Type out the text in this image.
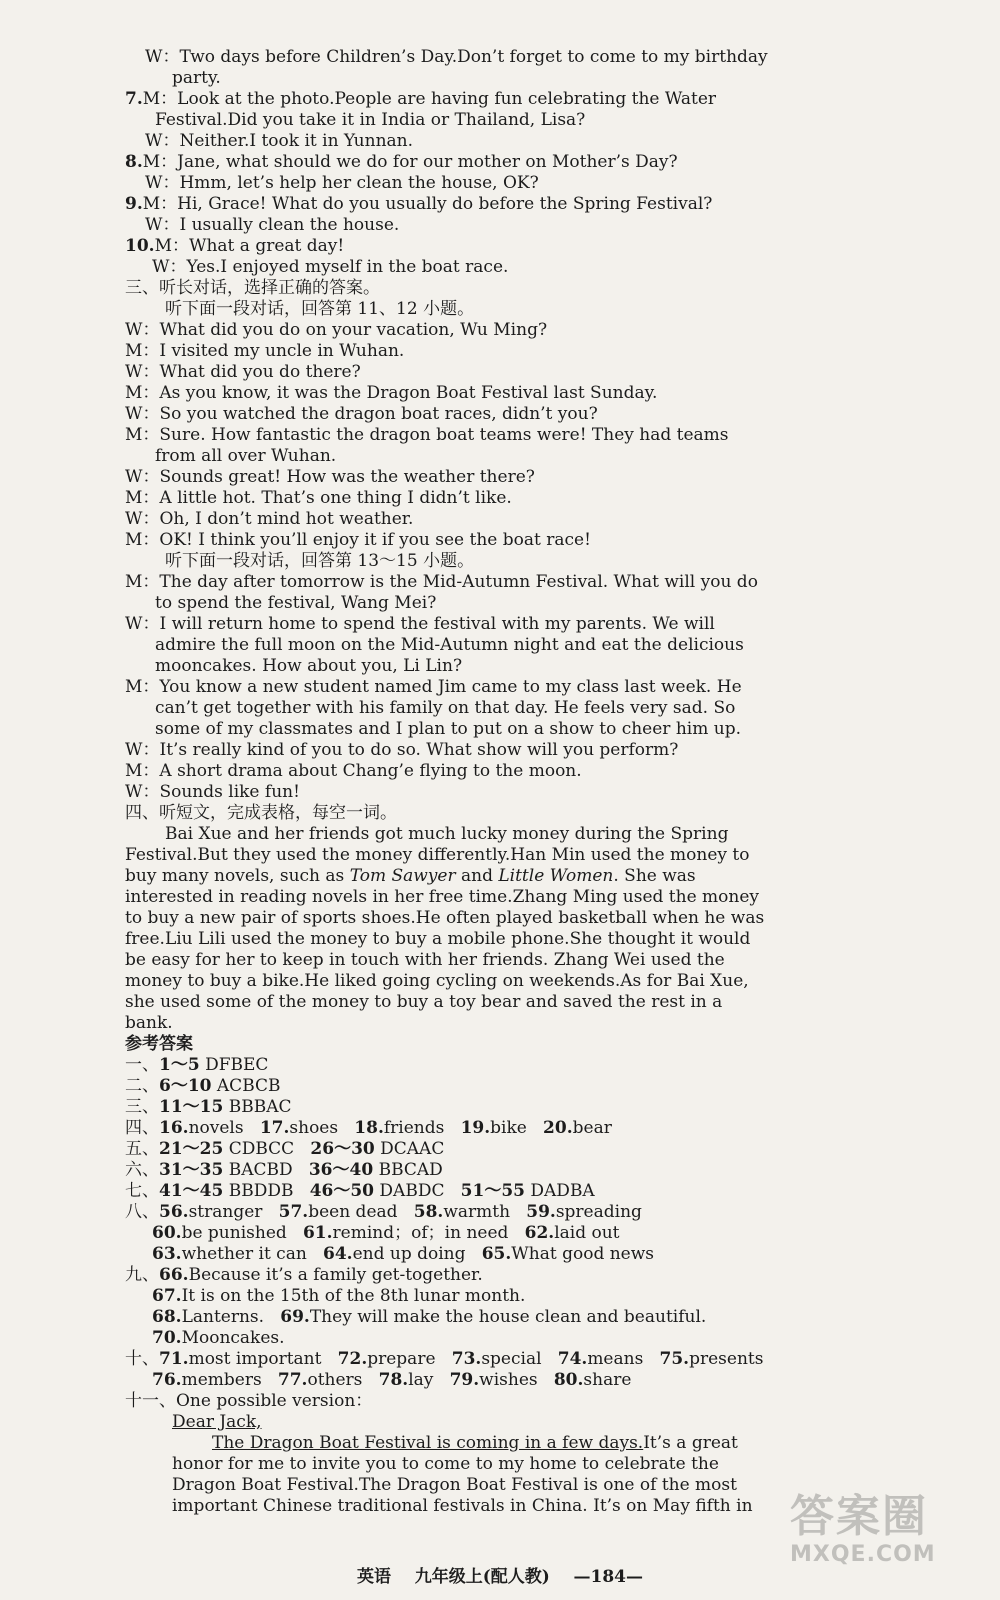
W：Two days before Children’s Day.Don’t forget to come to my birthday
party.
7.M：Look at the photo.People are having fun celebrating the Water
Festival.Did you take it in India or Thailand, Lisa?
W：Neither.I took it in Yunnan.
8.M：Jane, what should we do for our mother on Mother’s Day?
W：Hmm, let’s help her clean the house, OK?
9.M：Hi, Grace! What do you usually do before the Spring Festival?
W：I usually clean the house.
10.M：What a great day!
W：Yes.I enjoyed myself in the boat race.
三、听长对话，选择正确的答案。
听下面一段对话，回答第 11、12 小题。
W：What did you do on your vacation, Wu Ming?
M：I visited my uncle in Wuhan.
W：What did you do there?
M：As you know, it was the Dragon Boat Festival last Sunday.
W：So you watched the dragon boat races, didn’t you?
M：Sure. How fantastic the dragon boat teams were! They had teams
from all over Wuhan.
W：Sounds great! How was the weather there?
M：A little hot. That’s one thing I didn’t like.
W：Oh, I don’t mind hot weather.
M：OK! I think you’ll enjoy it if you see the boat race!
听下面一段对话，回答第 13～15 小题。
M：The day after tomorrow is the Mid-Autumn Festival. What will you do
to spend the festival, Wang Mei?
W：I will return home to spend the festival with my parents. We will
admire the full moon on the Mid-Autumn night and eat the delicious
mooncakes. How about you, Li Lin?
M：You know a new student named Jim came to my class last week. He
can’t get together with his family on that day. He feels very sad. So
some of my classmates and I plan to put on a show to cheer him up.
W：It’s really kind of you to do so. What show will you perform?
M：A short drama about Chang’e flying to the moon.
W：Sounds like fun!
四、听短文，完成表格，每空一词。
Bai Xue and her friends got much lucky money during the Spring
Festival.But they used the money differently.Han Min used the money to
buy many novels, such as Tom Sawyer and Little Women. She was
interested in reading novels in her free time.Zhang Ming used the money
to buy a new pair of sports shoes.He often played basketball when he was
free.Liu Lili used the money to buy a mobile phone.She thought it would
be easy for her to keep in touch with her friends. Zhang Wei used the
money to buy a bike.He liked going cycling on weekends.As for Bai Xue,
she used some of the money to buy a toy bear and saved the rest in a
bank.
参考答案
一、1～5 DFBEC
二、6～10 ACBCB
三、11～15 BBBAC
四、16.novels   17.shoes   18.friends   19.bike   20.bear
五、21～25 CDBCC   26～30 DCAAC
六、31～35 BACBD   36～40 BBCAD
七、41～45 BBDDB   46～50 DABDC   51～55 DADBA
八、56.stranger   57.been dead   58.warmth   59.spreading
60.be punished   61.remind；of；in need   62.laid out
63.whether it can   64.end up doing   65.What good news
九、66.Because it’s a family get-together.
67.It is on the 15th of the 8th lunar month.
68.Lanterns.   69.They will make the house clean and beautiful.
70.Mooncakes.
十、71.most important   72.prepare   73.special   74.means   75.presents
76.members   77.others   78.lay   79.wishes   80.share
十一、One possible version：
Dear Jack,
The Dragon Boat Festival is coming in a few days.It’s a great
honor for me to invite you to come to my home to celebrate the
Dragon Boat Festival.The Dragon Boat Festival is one of the most
important Chinese traditional festivals in China. It’s on May fifth in
英语 九年级上(配人教) —184—
答案圈
MXQE.COM
